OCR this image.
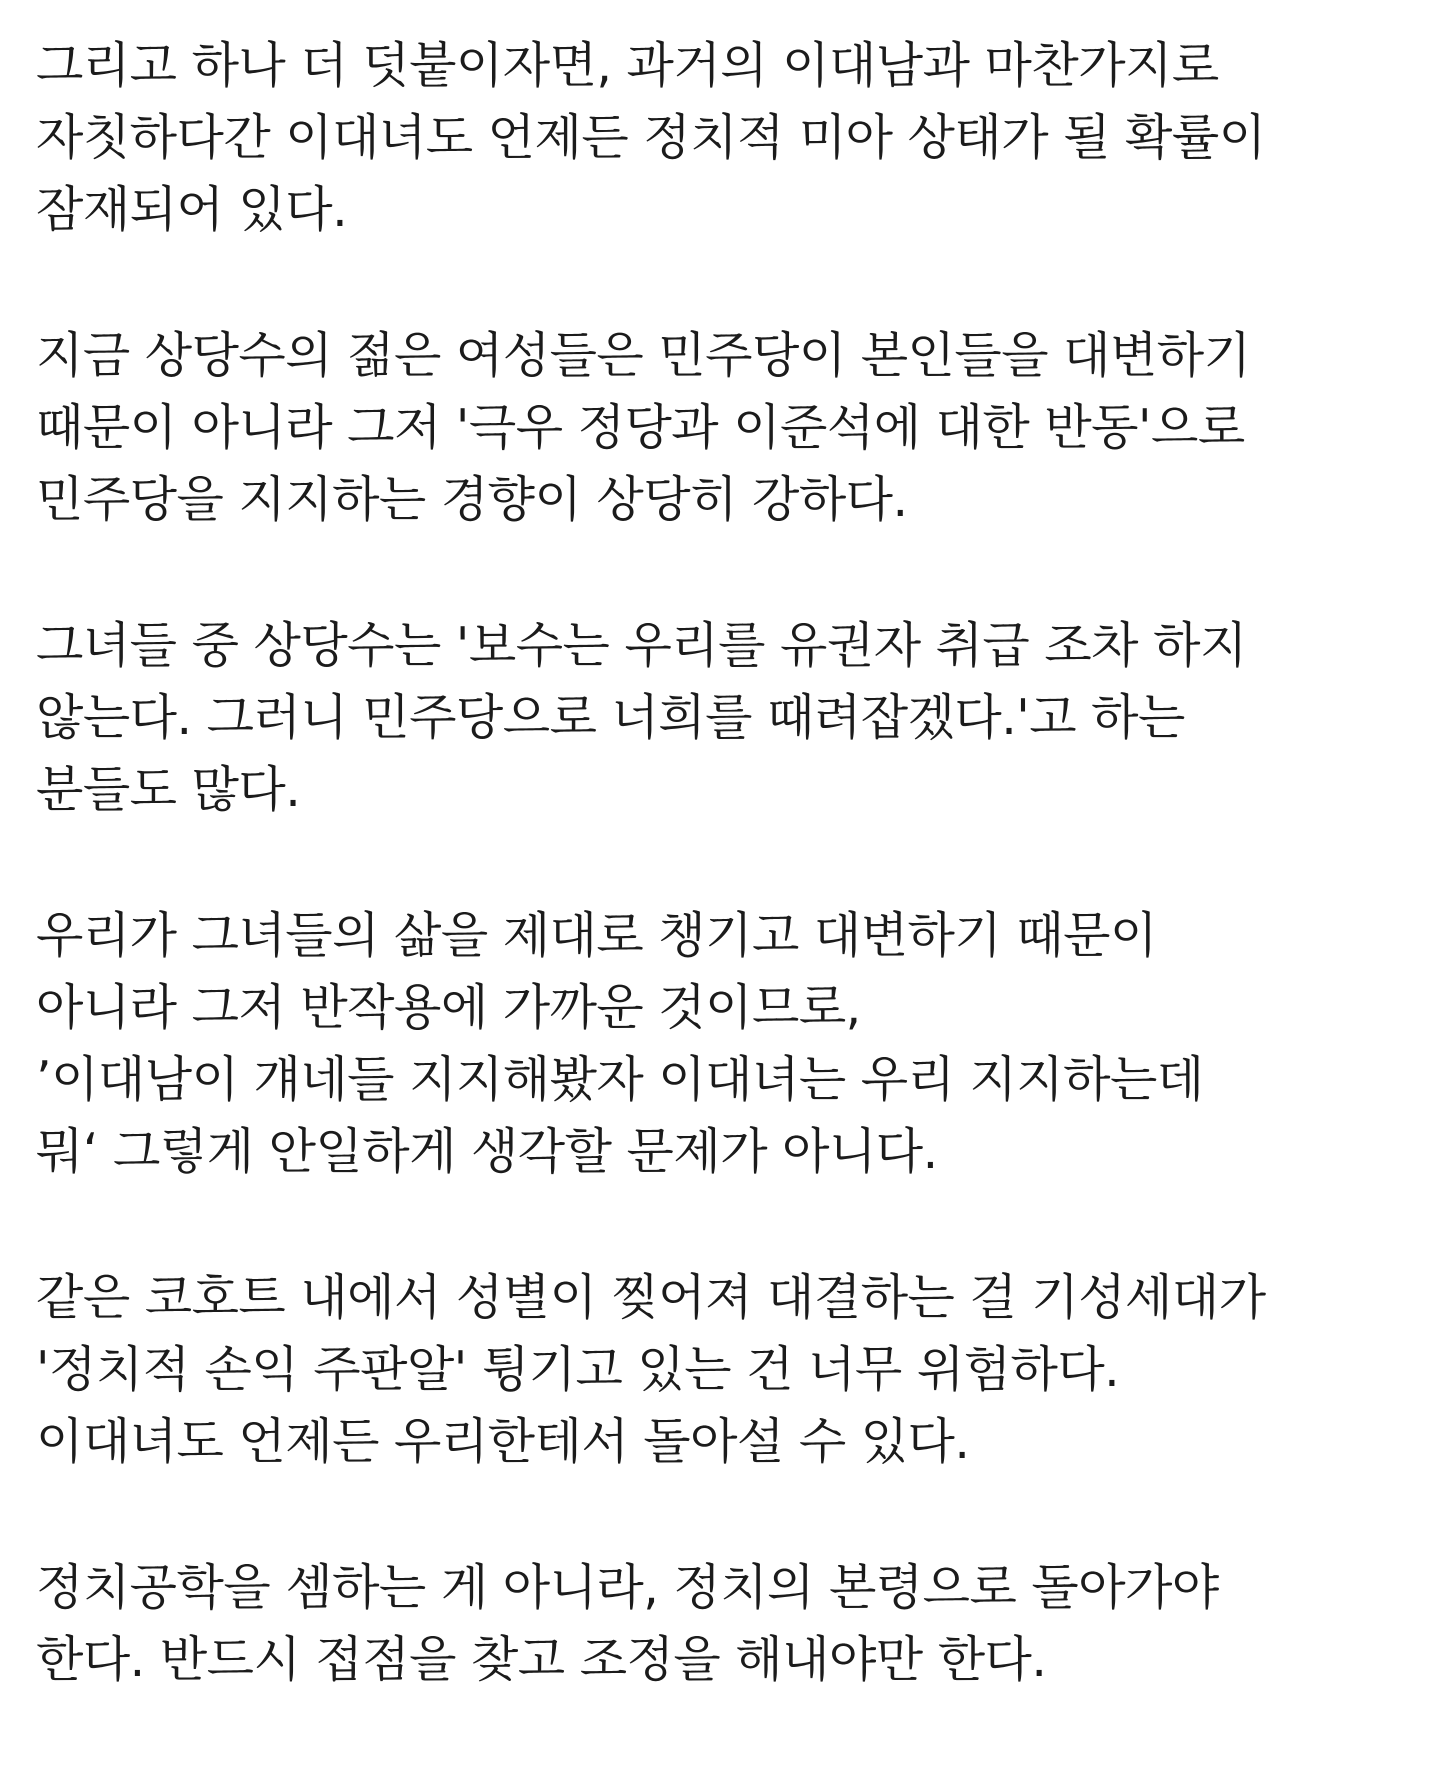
그리고 하나 더 덧붙이자면, 과거의 이대남과 마찬가지로
자칫하다간 이대녀도 언제든 정치적 미아 상태가 될 확률이
잠재되어 있다.
지금 상당수의 젊은 여성들은 민주당이 본인들을 대변하기
때문이 아니라 그저 '극우 정당과 이준석에 대한 반동'으로
민주당을 지지하는 경향이 상당히 강하다.
그녀들 중 상당수는 '보수는 우리를 유권자 취급 조차 하지
않는다. 그러니 민주당으로 너희를 때려잡겠다.'고 하는
분들도 많다.
우리가 그녀들의 삶을 제대로 챙기고 대변하기 때문이
아니라 그저 반작용에 가까운 것이므로,
’이대남이 걔네들 지지해봤자 이대녀는 우리 지지하는데
뭐‘ 그렇게 안일하게 생각할 문제가 아니다.
같은 코호트 내에서 성별이 찢어져 대결하는 걸 기성세대가
'정치적 손익 주판알' 튕기고 있는 건 너무 위험하다.
이대녀도 언제든 우리한테서 돌아설 수 있다.
정치공학을 셈하는 게 아니라, 정치의 본령으로 돌아가야
한다. 반드시 접점을 찾고 조정을 해내야만 한다.
